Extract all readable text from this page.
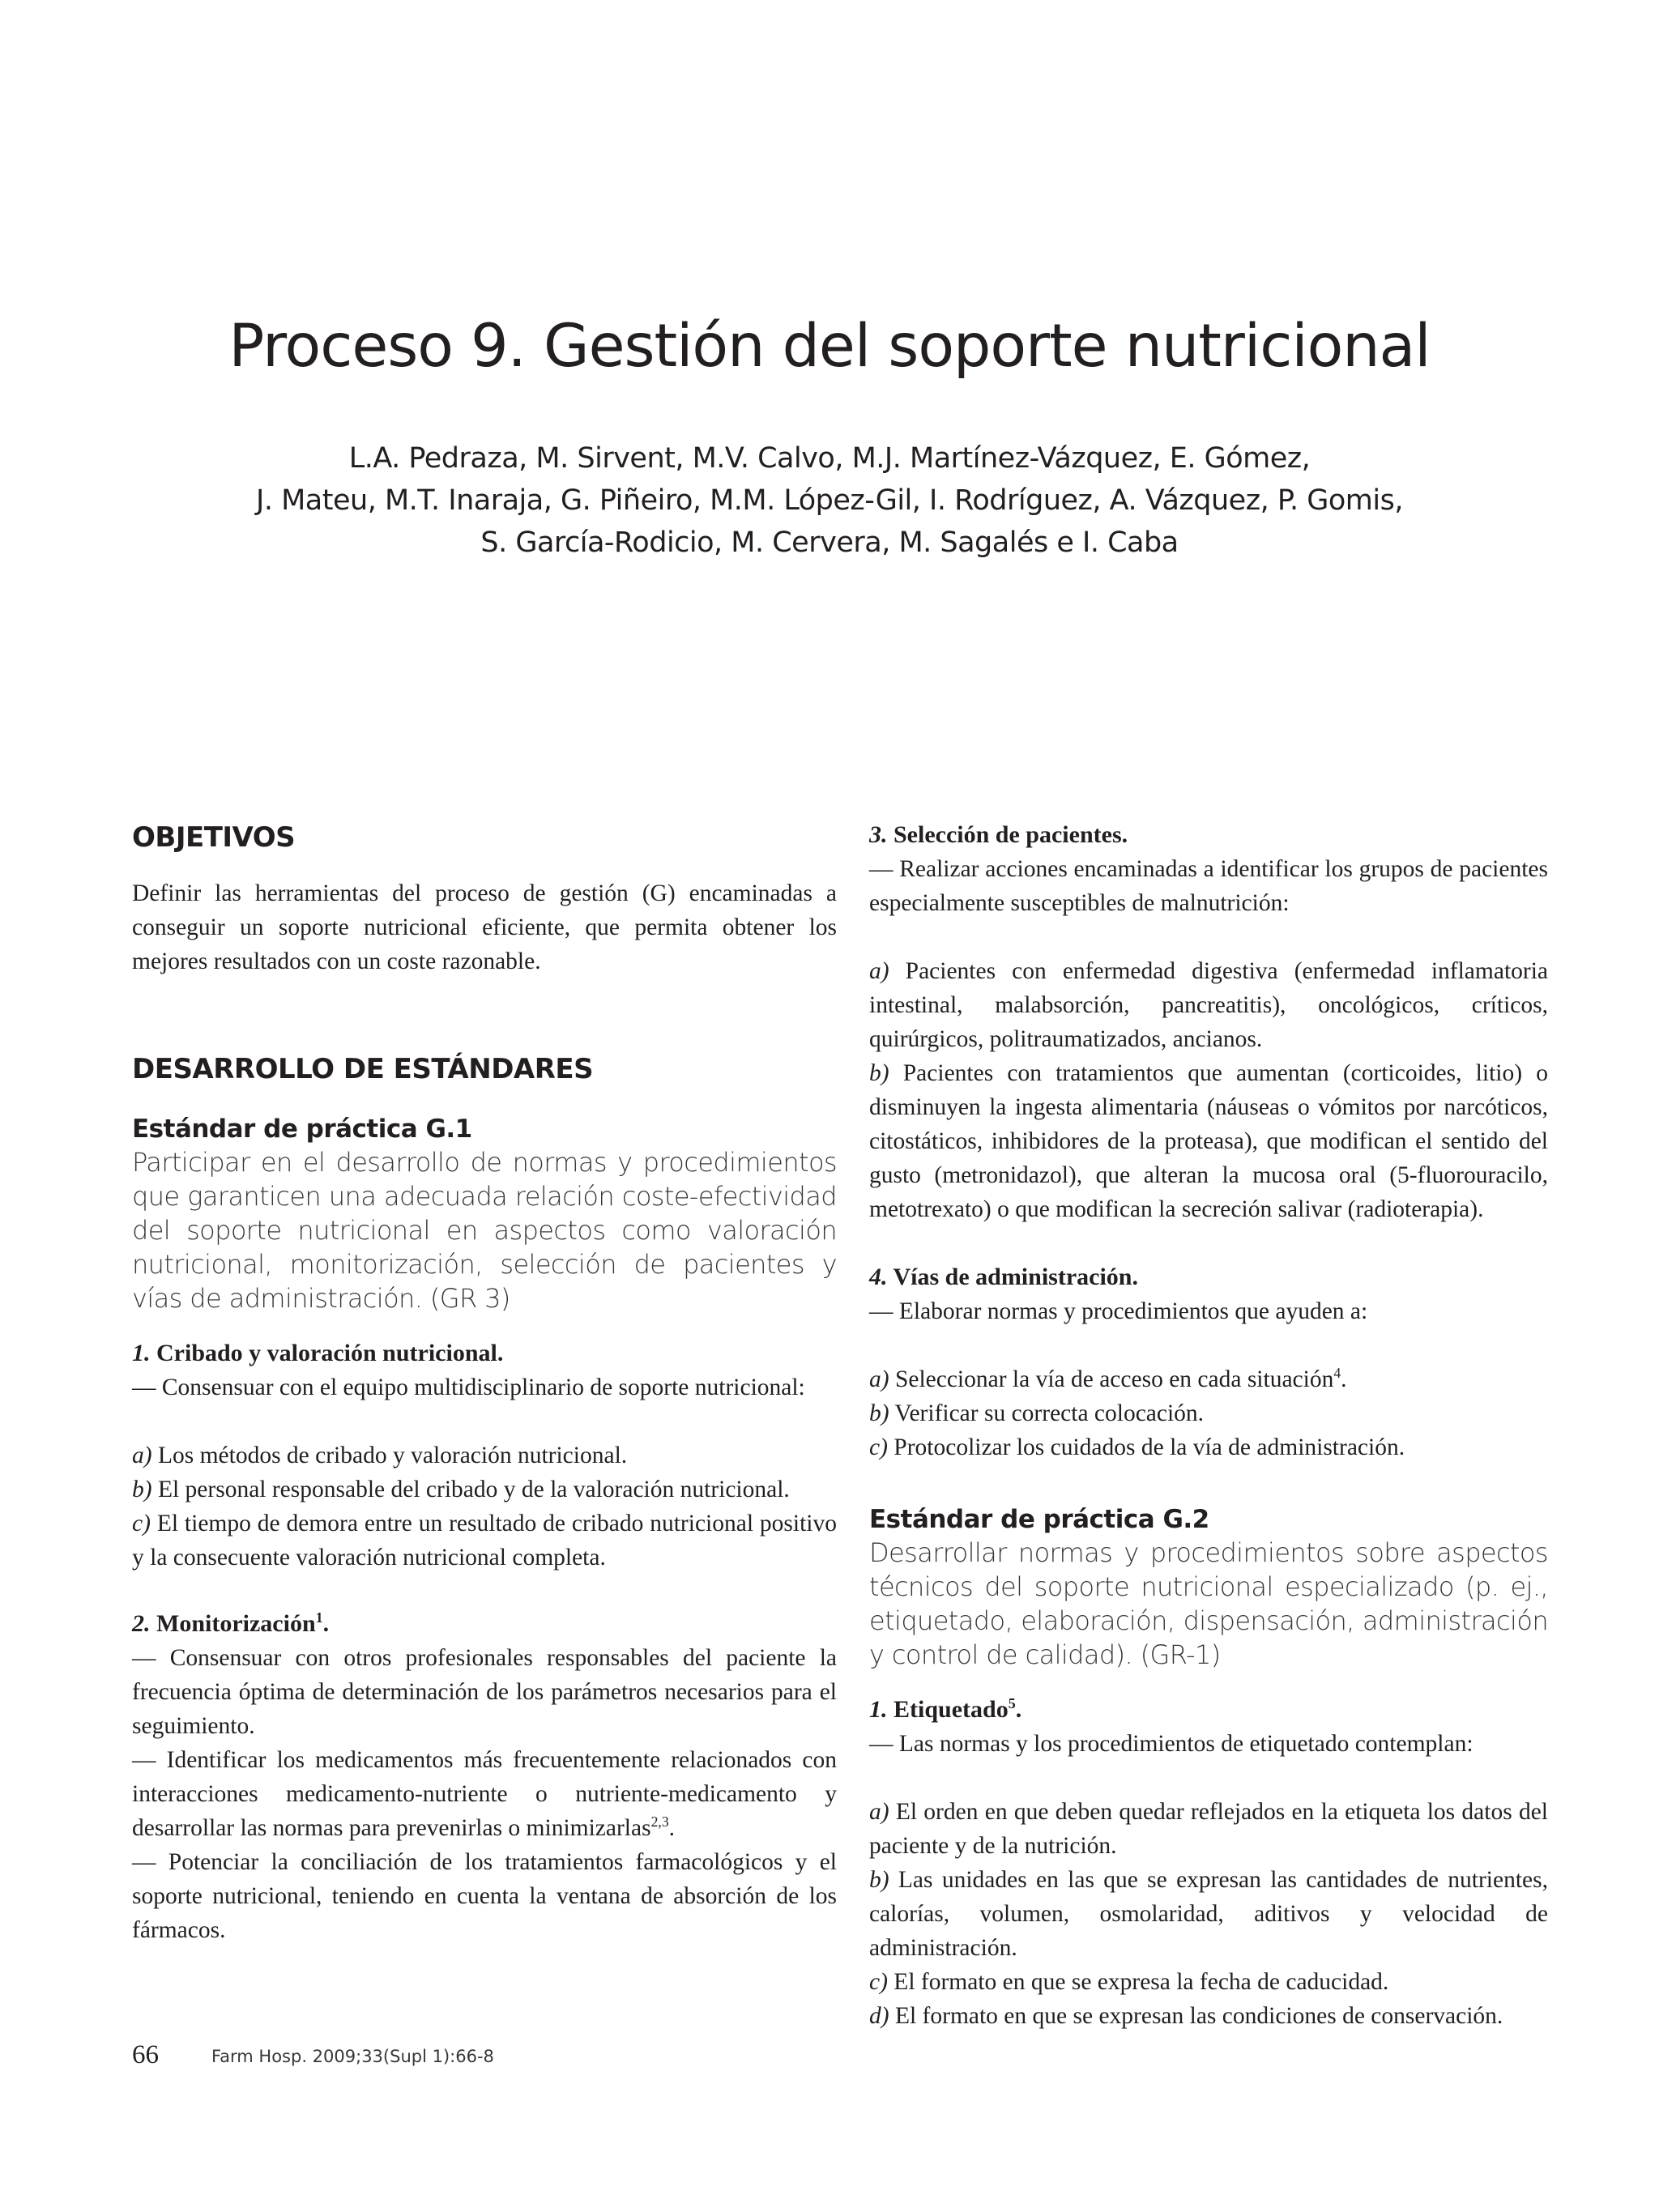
Proceso 9. Gestión del soporte nutricional
L.A. Pedraza, M. Sirvent, M.V. Calvo, M.J. Martínez-Vázquez, E. Gómez,
J. Mateu, M.T. Inaraja, G. Piñeiro, M.M. López-Gil, I. Rodríguez, A. Vázquez, P. Gomis,
S. García-Rodicio, M. Cervera, M. Sagalés e I. Caba
OBJETIVOS

Definir las herramientas del proceso de gestión (G) encaminadas a conseguir un soporte nutricional eficiente, que permita obtener los mejores resultados con un coste razonable.

DESARROLLO DE ESTÁNDARES
Estándar de práctica G.1

Participar en el desarrollo de normas y procedimientos que garanticen una adecuada relación coste-efectividad del soporte nutricional en aspectos como valoración nutricional, monitorización, selección de pacientes y vías de administración. (GR 3)

1. Cribado y valoración nutricional.

— Consensuar con el equipo multidisciplinario de soporte nutricional:

a) Los métodos de cribado y valoración nutricional.

b) El personal responsable del cribado y de la valoración nutricional.

c) El tiempo de demora entre un resultado de cribado nutricional positivo y la consecuente valoración nutricional completa.

2. Monitorización$^1$.

— Consensuar con otros profesionales responsables del paciente la frecuencia óptima de determinación de los parámetros necesarios para el seguimiento.

— Identificar los medicamentos más frecuentemente relacionados con interacciones medicamento-nutriente o nutriente-medicamento y desarrollar las normas para prevenirlas o minimizarlas$^{2,3}$.

— Potenciar la conciliación de los tratamientos farmacológicos y el soporte nutricional, teniendo en cuenta la ventana de absorción de los fármacos.

3. Selección de pacientes.

— Realizar acciones encaminadas a identificar los grupos de pacientes especialmente susceptibles de malnutrición:

a) Pacientes con enfermedad digestiva (enfermedad inflamatoria intestinal, malabsorción, pancreatitis), oncológicos, críticos, quirúrgicos, politraumatizados, ancianos.

b) Pacientes con tratamientos que aumentan (corticoides, litio) o disminuyen la ingesta alimentaria (náuseas o vómitos por narcóticos, citostáticos, inhibidores de la proteasa), que modifican el sentido del gusto (metronidazol), que alteran la mucosa oral (5-fluorouracilo, metotrexato) o que modifican la secreción salivar (radioterapia).

4. Vías de administración.

— Elaborar normas y procedimientos que ayuden a:

a) Seleccionar la vía de acceso en cada situación$^4$.

b) Verificar su correcta colocación.

c) Protocolizar los cuidados de la vía de administración.

Estándar de práctica G.2

Desarrollar normas y procedimientos sobre aspectos técnicos del soporte nutricional especializado (p. ej., etiquetado, elaboración, dispensación, administración y control de calidad). (GR-1)

1. Etiquetado$^5$.

— Las normas y los procedimientos de etiquetado contemplan:

a) El orden en que deben quedar reflejados en la etiqueta los datos del paciente y de la nutrición.

b) Las unidades en las que se expresan las cantidades de nutrientes, calorías, volumen, osmolaridad, aditivos y velocidad de administración.

c) El formato en que se expresa la fecha de caducidad.

d) El formato en que se expresan las condiciones de conservación.

66	Farm Hosp. 2009;33(Supl 1):66-8
